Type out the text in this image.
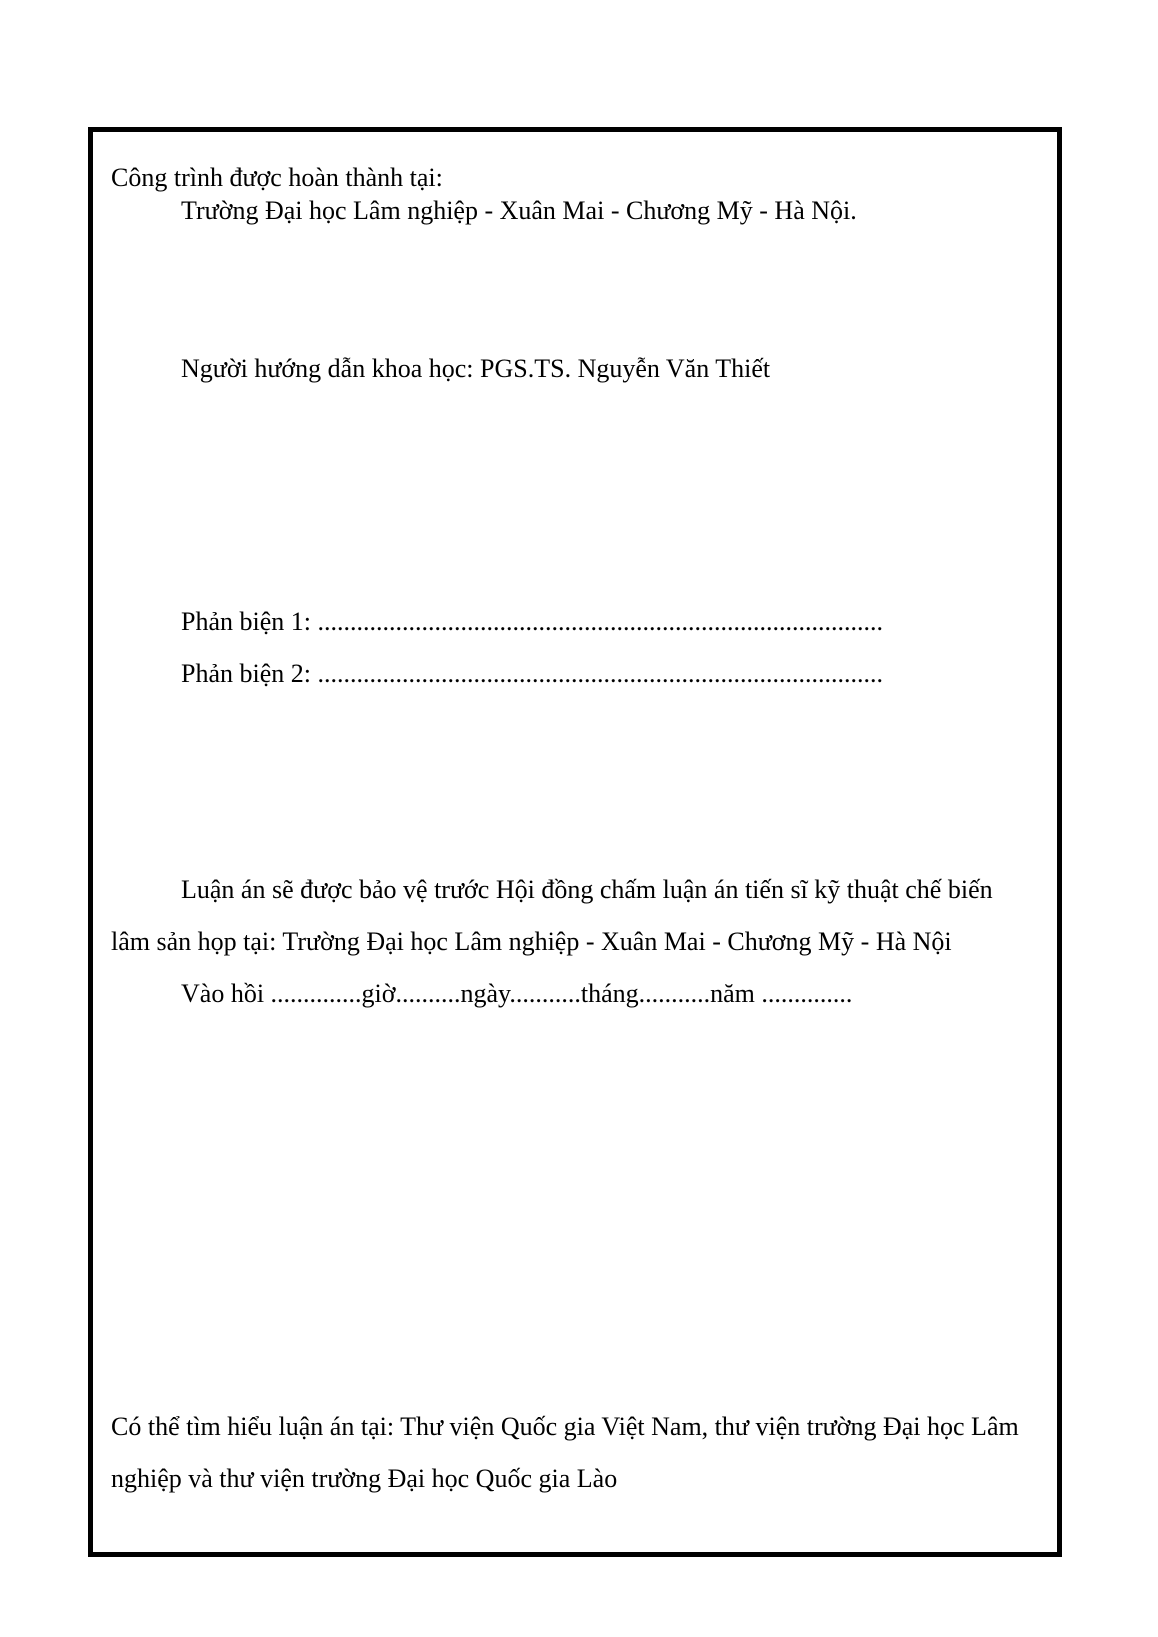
Công trình được hoàn thành tại:
Trường Đại học Lâm nghiệp - Xuân Mai - Chương Mỹ - Hà Nội.
Người hướng dẫn khoa học: PGS.TS. Nguyễn Văn Thiết
Phản biện 1: .......................................................................................
Phản biện 2: .......................................................................................
Luận án sẽ được bảo vệ trước Hội đồng chấm luận án tiến sĩ kỹ thuật chế biến
lâm sản họp tại: Trường Đại học Lâm nghiệp - Xuân Mai - Chương Mỹ - Hà Nội
Vào hồi ..............giờ..........ngày...........tháng...........năm ..............
Có thể tìm hiểu luận án tại: Thư viện Quốc gia Việt Nam, thư viện trường Đại học Lâm
nghiệp và thư viện trường Đại học Quốc gia Lào
